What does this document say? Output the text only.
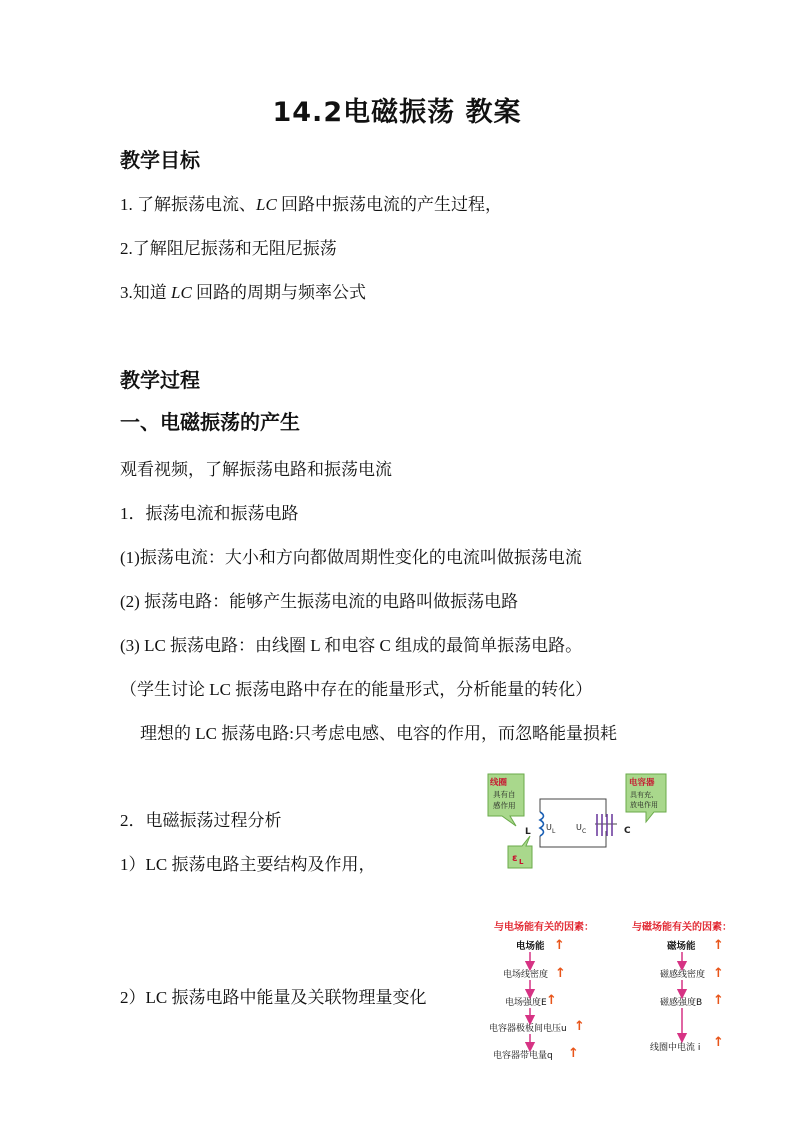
14.2电磁振荡 教案
教学目标
1. 了解振荡电流、LC 回路中振荡电流的产生过程，
2.了解阻尼振荡和无阻尼振荡
3.知道 LC 回路的周期与频率公式
教学过程
一、电磁振荡的产生
观看视频，了解振荡电路和振荡电流
1．振荡电流和振荡电路
(1)振荡电流：大小和方向都做周期性变化的电流叫做振荡电流
(2) 振荡电路：能够产生振荡电流的电路叫做振荡电路
(3) LC 振荡电路：由线圈 L 和电容 C 组成的最简单振荡电路。
（学生讨论 LC 振荡电路中存在的能量形式，分析能量的转化）
理想的 LC 振荡电路:只考虑电感、电容的作用，而忽略能量损耗
2．电磁振荡过程分析
1）LC 振荡电路主要结构及作用，
2）LC 振荡电路中能量及关联物理量变化
线圈
具有自
感作用
电容器
具有充、
放电作用
ε L
L U L	U C	C
与电场能有关的因素：
电场能
电场线密度
电场强度E
电容器极板间电压u
电容器带电量q
↑
↑
↑
↑
↑
与磁场能有关的因素：
磁场能
磁感线密度
磁感强度B
线圈中电流 i
↑
↑
↑
↑
